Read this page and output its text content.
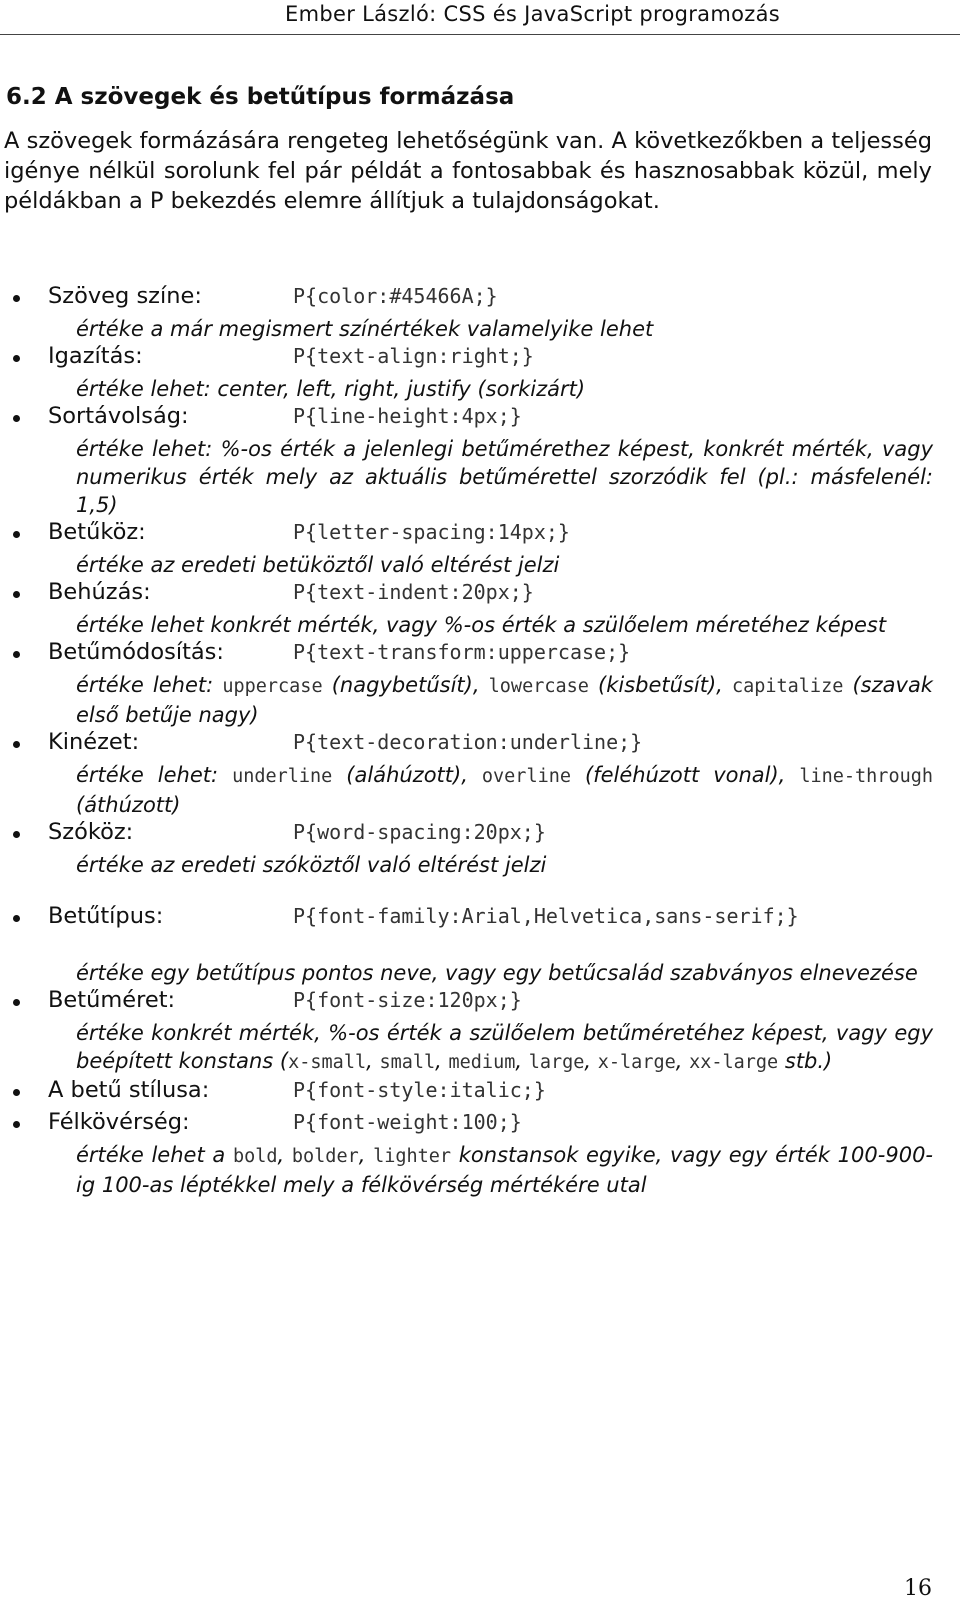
Ember László: CSS és JavaScript programozás
6.2 A szövegek és betűtípus formázása

A szövegek formázására rengeteg lehetőségünk van. A következőkben a teljesség igénye nélkül sorolunk fel pár példát a fontosabbak és hasznosabbak közül, mely példákban a P bekezdés elemre állítjuk a tulajdonságokat.

Szöveg színe:	P{color:#45466A;}
értéke a már megismert színértékek valamelyike lehet
Igazítás:	P{text-align:right;}
értéke lehet: center, left, right, justify (sorkizárt)
Sortávolság:	P{line-height:4px;}
értéke lehet: %-os érték a jelenlegi betűmérethez képest, konkrét mérték, vagy numerikus érték mely az aktuális betűmérettel szorzódik fel (pl.: másfelenél: 1,5)
Betűköz:	P{letter-spacing:14px;}
értéke az eredeti betüköztől való eltérést jelzi
Behúzás:	P{text-indent:20px;}
értéke lehet konkrét mérték, vagy %-os érték a szülőelem méretéhez képest
Betűmódosítás:	P{text-transform:uppercase;}
értéke lehet: uppercase (nagybetűsít), lowercase (kisbetűsít), capitalize (szavak első betűje nagy)
Kinézet:	P{text-decoration:underline;}
értéke lehet: underline (aláhúzott), overline (feléhúzott vonal), line-through (áthúzott)
Szóköz:	P{word-spacing:20px;}
értéke az eredeti szóköztől való eltérést jelzi
Betűtípus:	P{font-family:Arial,Helvetica,sans-serif;}
értéke egy betűtípus pontos neve, vagy egy betűcsalád szabványos elnevezése
Betűméret:	P{font-size:120px;}
értéke konkrét mérték, %-os érték a szülőelem betűméretéhez képest, vagy egy beépített konstans (x-small, small, medium, large, x-large, xx-large stb.)
A betű stílusa:	P{font-style:italic;}
Félkövérség:	P{font-weight:100;}
értéke lehet a bold, bolder, lighter konstansok egyike, vagy egy érték 100-900-ig 100-as léptékkel mely a félkövérség mértékére utal
16
